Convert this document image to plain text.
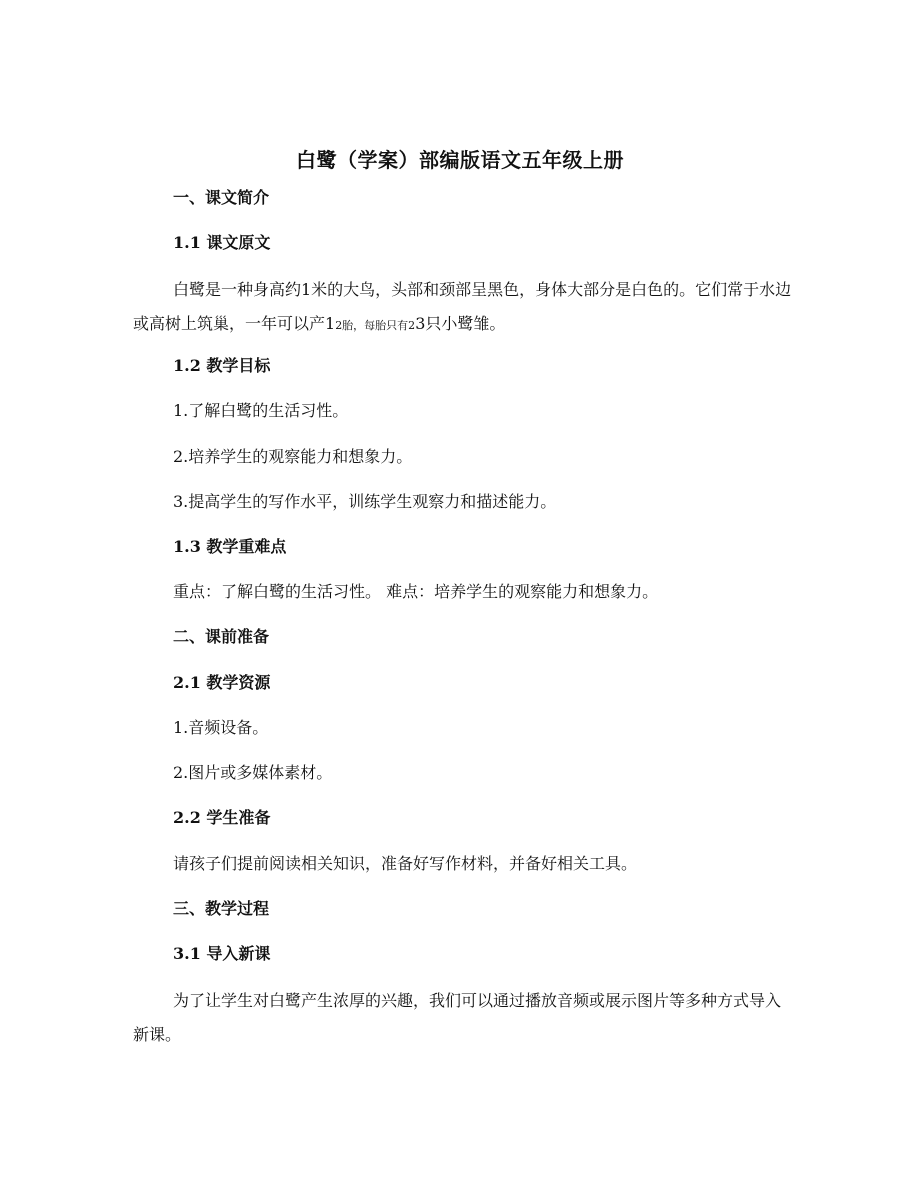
白鹭（学案）部编版语文五年级上册
一、课文简介
1.1 课文原文
白鹭是一种身高约1米的大鸟，头部和颈部呈黑色，身体大部分是白色的。它们常于水边或高树上筑巢，一年可以产12胎，每胎只有23只小鹭雏。
1.2 教学目标
1.了解白鹭的生活习性。
2.培养学生的观察能力和想象力。
3.提高学生的写作水平，训练学生观察力和描述能力。
1.3 教学重难点
重点：了解白鹭的生活习性。 难点：培养学生的观察能力和想象力。
二、课前准备
2.1 教学资源
1.音频设备。
2.图片或多媒体素材。
2.2 学生准备
请孩子们提前阅读相关知识，准备好写作材料，并备好相关工具。
三、教学过程
3.1 导入新课
为了让学生对白鹭产生浓厚的兴趣，我们可以通过播放音频或展示图片等多种方式导入新课。
